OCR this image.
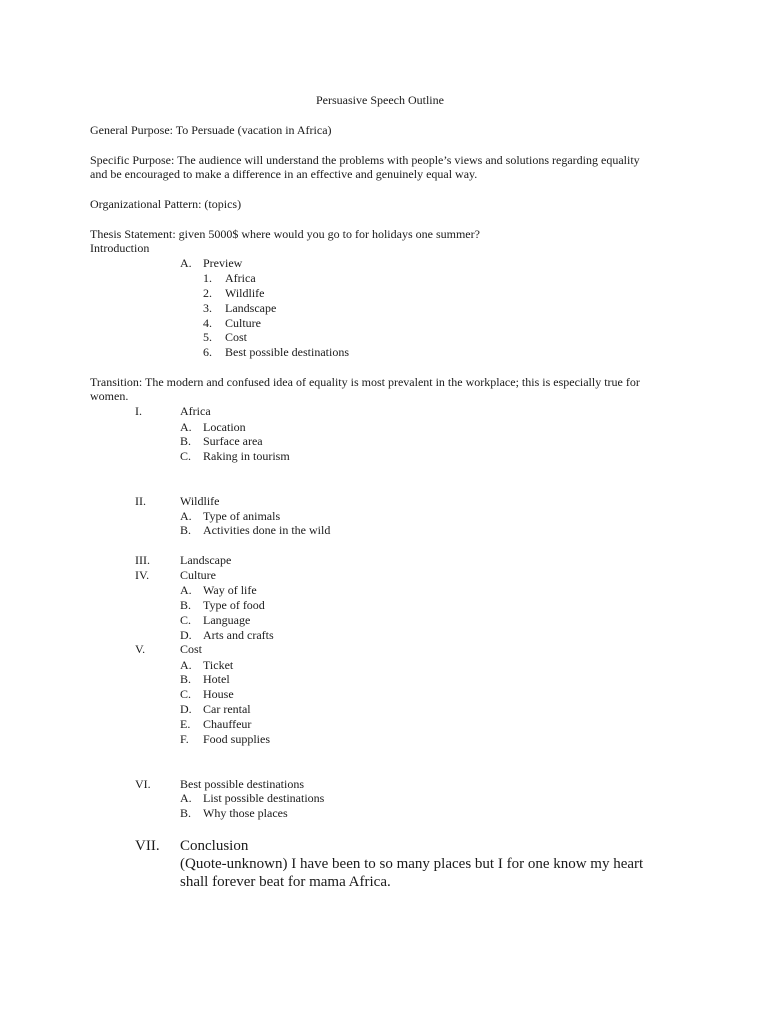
Persuasive Speech Outline
General Purpose: To Persuade (vacation in Africa)
Specific Purpose: The audience will understand the problems with people’s views and solutions regarding equality
and be encouraged to make a difference in an effective and genuinely equal way.
Organizational Pattern: (topics)
Thesis Statement: given 5000$ where would you go to for holidays one summer?
Introduction
A. Preview
1. Africa
2. Wildlife
3. Landscape
4. Culture
5. Cost
6. Best possible destinations
Transition: The modern and confused idea of equality is most prevalent in the workplace; this is especially true for
women.
I.	Africa
A. Location
B. Surface area
C. Raking in tourism
II.	Wildlife
A. Type of animals
B. Activities done in the wild
III.	Landscape
IV.	Culture
A. Way of life
B. Type of food
C. Language
D. Arts and crafts
V.	Cost
A. Ticket
B. Hotel
C. House
D. Car rental
E. Chauffeur
F. Food supplies
VI. Best possible destinations
A. List possible destinations
B. Why those places
VII. Conclusion
(Quote-unknown) I have been to so many places but I for one know my heart
shall forever beat for mama Africa.
